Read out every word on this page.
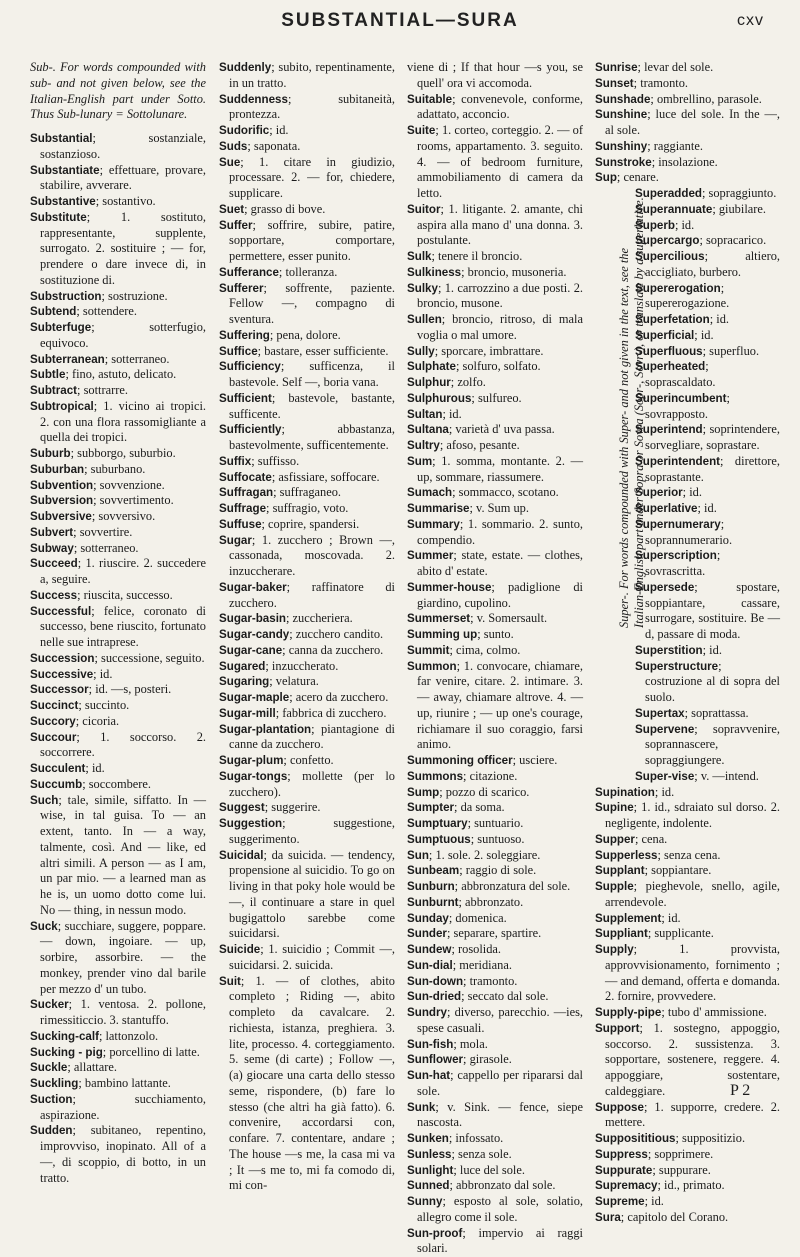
SUBSTANTIAL—SURA	cxv

Sub-. For words compounded with sub- and not given below, see the Italian-English part under Sotto. Thus Sub-lunary = Sottolunare.

Substantial; sostanziale, sostanzioso.

Substantiate; effettuare, provare, stabilire, avverare.

Substantive; sostantivo.

Substitute; 1. sostituto, rappresentante, supplente, surrogato. 2. sostituire ; — for, prendere o dare invece di, in sostituzione di.

Substruction; sostruzione.

Subtend; sottendere.

Subterfuge; sotterfugio, equivoco.

Subterranean; sotterraneo.

Subtle; fino, astuto, delicato.

Subtract; sottrarre.

Subtropical; 1. vicino ai tropici. 2. con una flora rassomigliante a quella dei tropici.

Suburb; subborgo, suburbio.

Suburban; suburbano.

Subvention; sovvenzione.

Subversion; sovvertimento.

Subversive; sovversivo.

Subvert; sovvertire.

Subway; sotterraneo.

Succeed; 1. riuscire. 2. succedere a, seguire.

Success; riuscita, successo.

Successful; felice, coronato di successo, bene riuscito, fortunato nelle sue intraprese.

Succession; successione, seguito.

Successive; id.

Successor; id. —s, posteri.

Succinct; succinto.

Succory; cicoria.

Succour; 1. soccorso. 2. soccorrere.

Succulent; id.

Succumb; soccombere.

Such; tale, simile, siffatto. In — wise, in tal guisa. To — an extent, tanto. In — a way, talmente, così. And — like, ed altri simili. A person — as I am, un par mio. — a learned man as he is, un uomo dotto come lui. No — thing, in nessun modo.

Suck; succhiare, suggere, poppare. — down, ingoiare. — up, sorbire, assorbire. — the monkey, prender vino dal barile per mezzo d' un tubo.

Sucker; 1. ventosa. 2. pollone, rimessiticcio. 3. stantuffo.

Sucking-calf; lattonzolo.

Sucking - pig; porcellino di latte.

Suckle; allattare.

Suckling; bambino lattante.

Suction; succhiamento, aspirazione.

Sudden; subitaneo, repentino, improvviso, inopinato. All of a —, di scoppio, di botto, in un tratto.

Suddenly; subito, repentinamente, in un tratto.

Suddenness; subitaneità, prontezza.

Sudorific; id.

Suds; saponata.

Sue; 1. citare in giudizio, processare. 2. — for, chiedere, supplicare.

Suet; grasso di bove.

Suffer; soffrire, subire, patire, sopportare, comportare, permettere, esser punito.

Sufferance; tolleranza.

Sufferer; soffrente, paziente. Fellow —, compagno di sventura.

Suffering; pena, dolore.

Suffice; bastare, esser sufficiente.

Sufficiency; sufficenza, il bastevole. Self —, boria vana.

Sufficient; bastevole, bastante, sufficente.

Sufficiently; abbastanza, bastevolmente, sufficentemente.

Suffix; suffisso.

Suffocate; asfissiare, soffocare.

Suffragan; suffraganeo.

Suffrage; suffragio, voto.

Suffuse; coprire, spandersi.

Sugar; 1. zucchero ; Brown —, cassonada, moscovada. 2. inzuccherare.

Sugar-baker; raffinatore di zucchero.

Sugar-basin; zuccheriera.

Sugar-candy; zucchero candito.

Sugar-cane; canna da zucchero.

Sugared; inzuccherato.

Sugaring; velatura.

Sugar-maple; acero da zucchero.

Sugar-mill; fabbrica di zucchero.

Sugar-plantation; piantagione di canne da zucchero.

Sugar-plum; confetto.

Sugar-tongs; mollette (per lo zucchero).

Suggest; suggerire.

Suggestion; suggestione, suggerimento.

Suicidal; da suicida. — tendency, propensione al suicidio. To go on living in that poky hole would be —, il continuare a stare in quel bugigattolo sarebbe come suicidarsi.

Suicide; 1. suicidio ; Commit —, suicidarsi. 2. suicida.

Suit; 1. — of clothes, abito completo ; Riding —, abito completo da cavalcare. 2. richiesta, istanza, preghiera. 3. lite, processo. 4. corteggiamento. 5. seme (di carte) ; Follow —, (a) giocare una carta dello stesso seme, rispondere, (b) fare lo stesso (che altri ha già fatto). 6. convenire, accordarsi con, confare. 7. contentare, andare ; The house —s me, la casa mi va ; It —s me to, mi fa comodo di, mi con-

viene di ; If that hour —s you, se quell' ora vi accomoda.

Suitable; convenevole, conforme, adattato, acconcio.

Suite; 1. corteo, corteggio. 2. — of rooms, appartamento. 3. seguito. 4. — of bedroom furniture, ammobiliamento di camera da letto.

Suitor; 1. litigante. 2. amante, chi aspira alla mano d' una donna. 3. postulante.

Sulk; tenere il broncio.

Sulkiness; broncio, musoneria.

Sulky; 1. carrozzino a due posti. 2. broncio, musone.

Sullen; broncio, ritroso, di mala voglia o mal umore.

Sully; sporcare, imbrattare.

Sulphate; solfuro, solfato.

Sulphur; zolfo.

Sulphurous; sulfureo.

Sultan; id.

Sultana; varietà d' uva passa.

Sultry; afoso, pesante.

Sum; 1. somma, montante. 2. — up, sommare, riassumere.

Sumach; sommacco, scotano.

Summarise; v. Sum up.

Summary; 1. sommario. 2. sunto, compendio.

Summer; state, estate. — clothes, abito d' estate.

Summer-house; padiglione di giardino, cupolino.

Summerset; v. Somersault.

Summing up; sunto.

Summit; cima, colmo.

Summon; 1. convocare, chiamare, far venire, citare. 2. intimare. 3. — away, chiamare altrove. 4. — up, riunire ; — up one's courage, richiamare il suo coraggio, farsi animo.

Summoning officer; usciere.

Summons; citazione.

Sump; pozzo di scarico.

Sumpter; da soma.

Sumptuary; suntuario.

Sumptuous; suntuoso.

Sun; 1. sole. 2. soleggiare.

Sunbeam; raggio di sole.

Sunburn; abbronzatura del sole.

Sunburnt; abbronzato.

Sunday; domenica.

Sunder; separare, spartire.

Sundew; rosolida.

Sun-dial; meridiana.

Sun-down; tramonto.

Sun-dried; seccato dal sole.

Sundry; diverso, parecchio. —ies, spese casuali.

Sun-fish; mola.

Sunflower; girasole.

Sun-hat; cappello per ripararsi dal sole.

Sunk; v. Sink. — fence, siepe nascosta.

Sunken; infossato.

Sunless; senza sole.

Sunlight; luce del sole.

Sunned; abbronzato dal sole.

Sunny; esposto al sole, solatio, allegro come il sole.

Sun-proof; impervio ai raggi solari.

Sunrise; levar del sole.

Sunset; tramonto.

Sunshade; ombrellino, parasole.

Sunshine; luce del sole. In the —, al sole.

Sunshiny; raggiante.

Sunstroke; insolazione.

Sup; cenare.

Superadded; sopraggiunto.

Superannuate; giubilare.

Superb; id.

Supercargo; sopracarico.

Supercilious; altiero, accigliato, burbero.

Supererogation; supererogazione.

Superfetation; id.

Superficial; id.

Superfluous; superfluo.

Superheated; soprascaldato.

Superincumbent; sovrapposto.

Superintend; soprintendere, sorvegliare, soprastare.

Superintendent; direttore, soprastante.

Superior; id.

Superlative; id.

Supernumerary; soprannumerario.

Superscription; sovrascritta.

Supersede; spostare, soppiantare, cassare, surrogare, sostituire. Be —d, passare di moda.

Superstition; id.

Superstructure; costruzione al di sopra del suolo.

Supertax; soprattassa.

Supervene; sopravvenire, soprannascere, sopraggiungere.

Super-vise; v. —intend.

Supination; id.

Supine; 1. id., sdraiato sul dorso. 2. negligente, indolente.

Supper; cena.

Supperless; senza cena.

Supplant; soppiantare.

Supple; pieghevole, snello, agile, arrendevole.

Supplement; id.

Suppliant; supplicante.

Supply; 1. provvista, approvvisionamento, fornimento ; — and demand, offerta e domanda. 2. fornire, provvedere.

Supply-pipe; tubo d' ammissione.

Support; 1. sostegno, appoggio, soccorso. 2. sussistenza. 3. sopportare, sostenere, reggere. 4. appoggiare, sostentare, caldeggiare.

Suppose; 1. supporre, credere. 2. mettere.

Supposititious; suppositizio.

Suppress; sopprimere.

Suppurate; suppurare.

Supremacy; id., primato.

Supreme; id.

Sura; capitolo del Corano.

Super-. For words compounded with Super- and not given in the text, see the Italian-English part under Sopra or Sovra (Sopr-, Sovr-), or translate by a superlative.
P 2
